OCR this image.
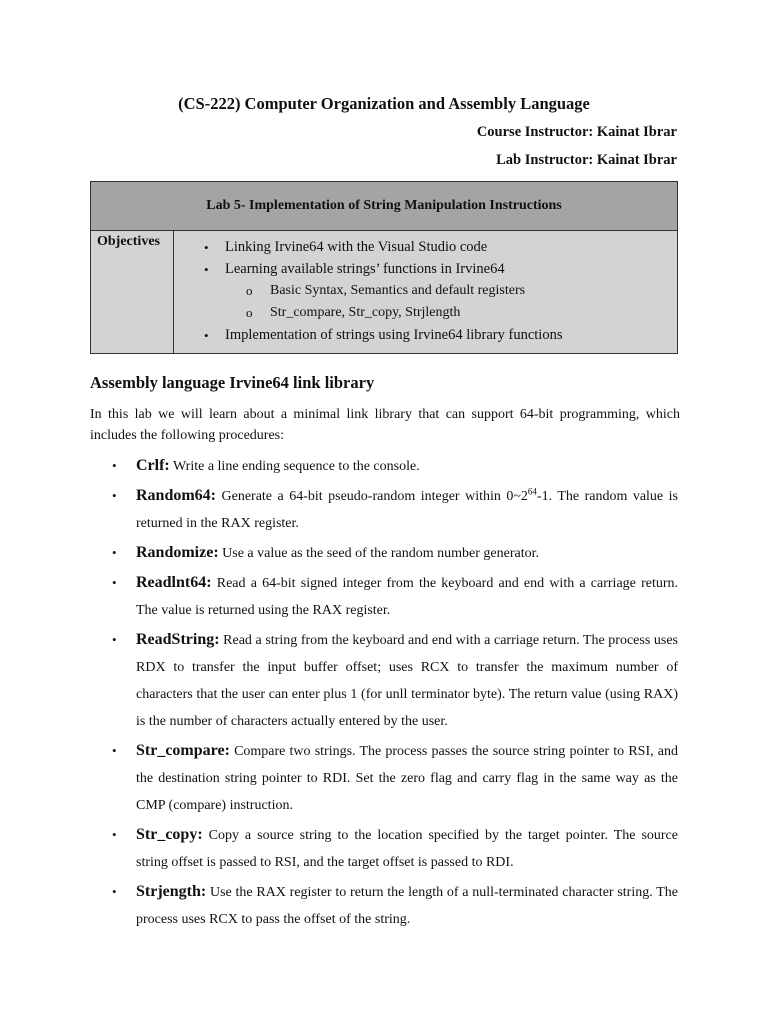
(CS-222) Computer Organization and Assembly Language
Course Instructor: Kainat Ibrar
Lab Instructor: Kainat Ibrar
Lab 5- Implementation of String Manipulation Instructions
Objectives	• Linking Irvine64 with the Visual Studio code
• Learning available strings’ functions in Irvine64
o Basic Syntax, Semantics and default registers
o Str_compare, Str_copy, Strjlength
• Implementation of strings using Irvine64 library functions
Assembly language Irvine64 link library
In this lab we will learn about a minimal link library that can support 64-bit programming, which includes the following procedures:
• Crlf: Write a line ending sequence to the console.
• Random64: Generate a 64-bit pseudo-random integer within $0\sim 2^{64}-1$. The random value is returned in the RAX register.
• Randomize: Use a value as the seed of the random number generator.
• Readlnt64: Read a 64-bit signed integer from the keyboard and end with a carriage return. The value is returned using the RAX register.
• ReadString: Read a string from the keyboard and end with a carriage return. The process uses RDX to transfer the input buffer offset; uses RCX to transfer the maximum number of characters that the user can enter plus 1 (for unll terminator byte). The return value (using RAX) is the number of characters actually entered by the user.
• Str_compare: Compare two strings. The process passes the source string pointer to RSI, and the destination string pointer to RDI. Set the zero flag and carry flag in the same way as the CMP (compare) instruction.
• Str_copy: Copy a source string to the location specified by the target pointer. The source string offset is passed to RSI, and the target offset is passed to RDI.
• Strjength: Use the RAX register to return the length of a null-terminated character string. The process uses RCX to pass the offset of the string.
